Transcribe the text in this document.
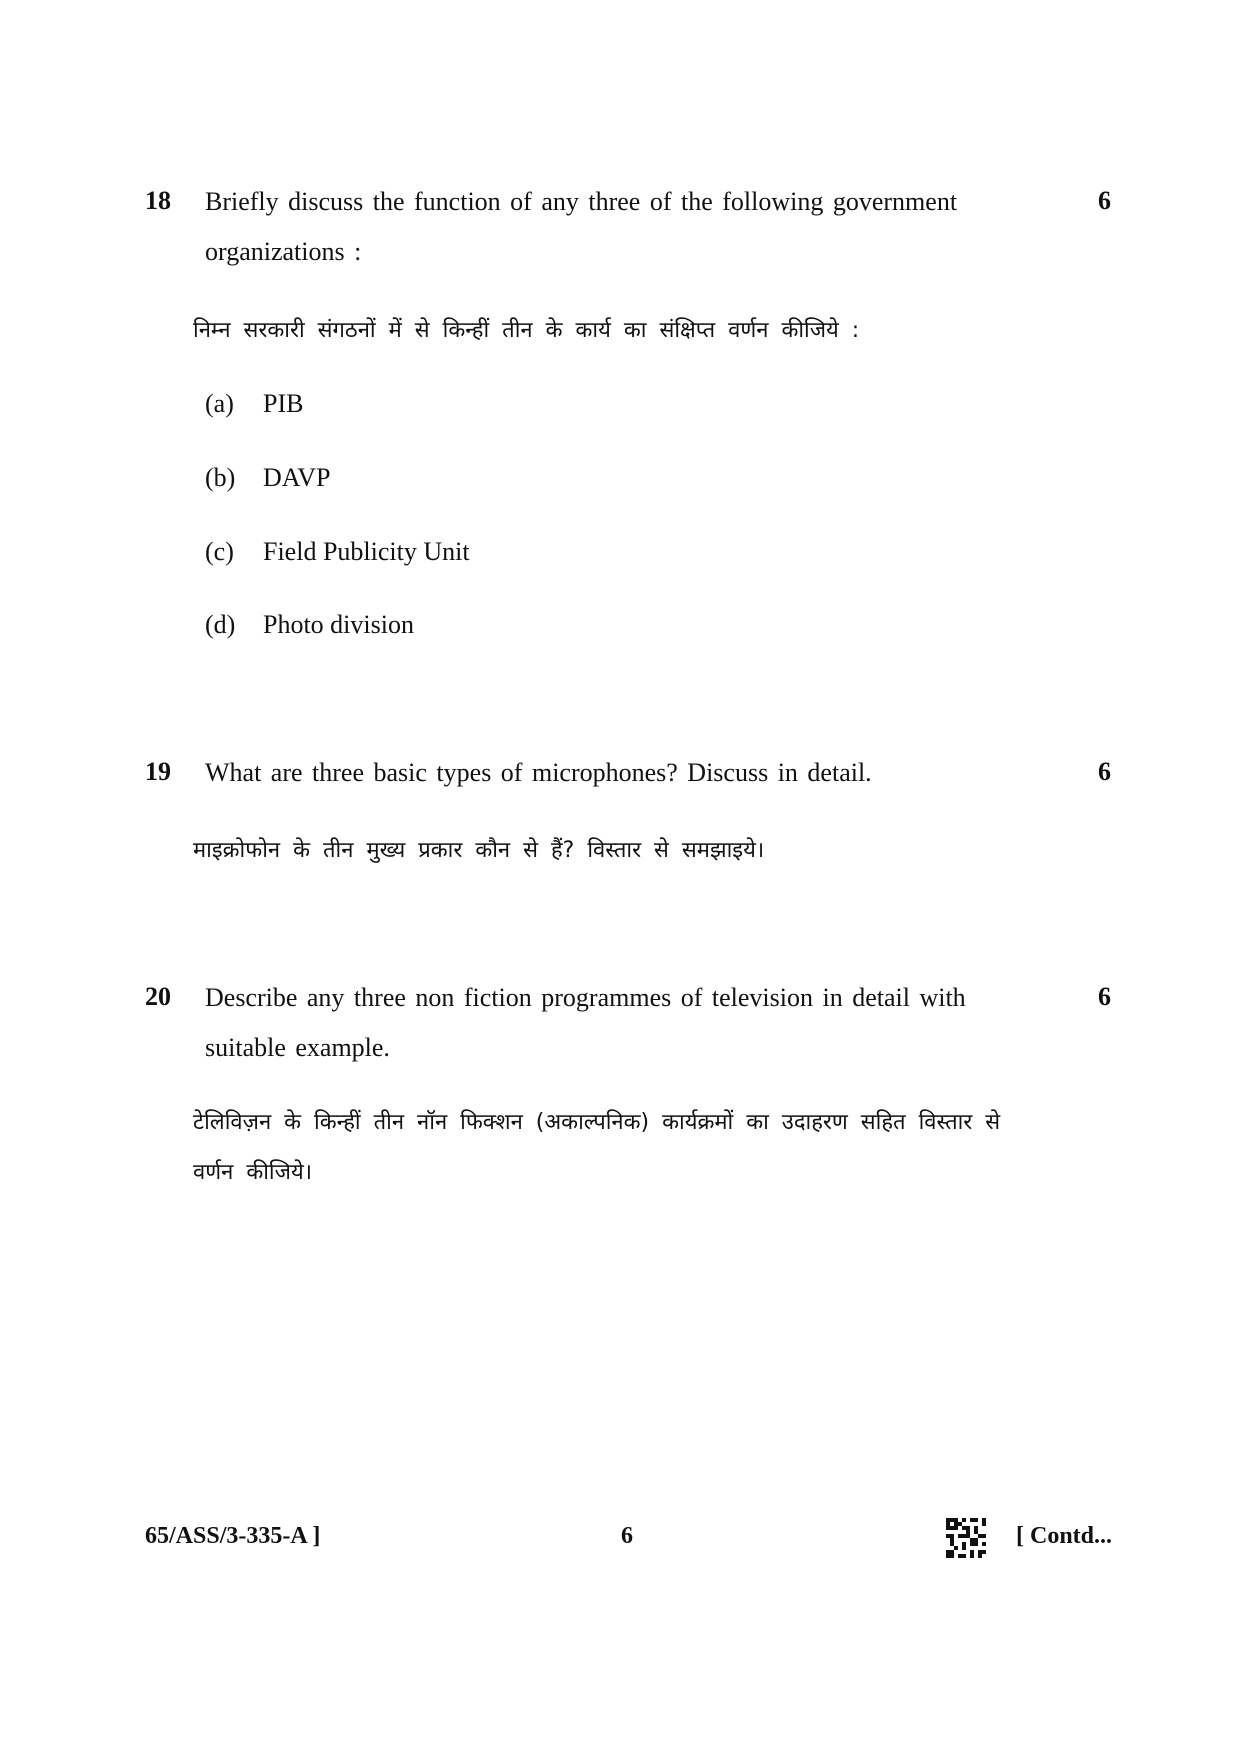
18	6
Briefly discuss the function of any three of the following government
organizations :
निम्न सरकारी संगठनों में से किन्हीं तीन के कार्य का संक्षिप्त वर्णन कीजिये :
(a) PIB
(b) DAVP
(c) Field Publicity Unit
(d) Photo division
19	6
What are three basic types of microphones? Discuss in detail.
माइक्रोफोन के तीन मुख्य प्रकार कौन से हैं? विस्तार से समझाइये।
20	6
Describe any three non fiction programmes of television in detail with
suitable example.
टेलिविज़न के किन्हीं तीन नॉन फिक्शन (अकाल्पनिक) कार्यक्रमों का उदाहरण सहित विस्तार से
वर्णन कीजिये।
65/ASS/3-335-A ]	6	[ Contd...
